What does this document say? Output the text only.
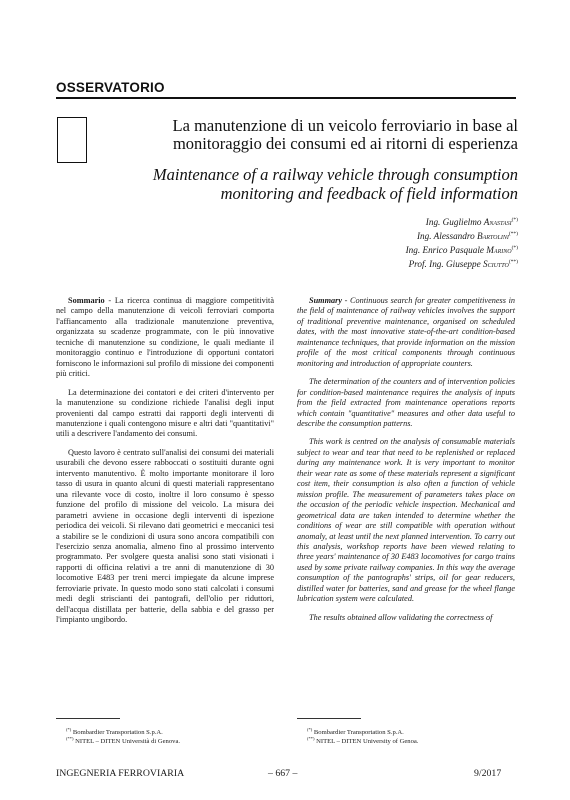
OSSERVATORIO
La manutenzione di un veicolo ferroviario in base al monitoraggio dei consumi ed ai ritorni di esperienza
Maintenance of a railway vehicle through consumption monitoring and feedback of field information
Ing. Guglielmo Anastasi(*)
Ing. Alessandro Bartolini(**)
Ing. Enrico Pasquale Marino(*)
Prof. Ing. Giuseppe Sciutto(**)

Sommario - La ricerca continua di maggiore competitività nel campo della manutenzione di veicoli ferroviari comporta l'affiancamento alla tradizionale manutenzione preventiva, organizzata su scadenze programmate, con le più innovative tecniche di manutenzione su condizione, le quali mediante il monitoraggio continuo e l'introduzione di opportuni contatori forniscono le informazioni sul profilo di missione dei componenti più critici.

La determinazione dei contatori e dei criteri d'intervento per la manutenzione su condizione richiede l'analisi degli input provenienti dal campo estratti dai rapporti degli interventi di manutenzione i quali contengono misure e altri dati "quantitativi" utili a descrivere l'andamento dei consumi.

Questo lavoro è centrato sull'analisi dei consumi dei materiali usurabili che devono essere rabboccati o sostituiti durante ogni intervento manutentivo. È molto importante monitorare il loro tasso di usura in quanto alcuni di questi materiali rappresentano una rilevante voce di costo, inoltre il loro consumo è spesso funzione del profilo di missione del veicolo. La misura dei parametri avviene in occasione degli interventi di ispezione periodica dei veicoli. Si rilevano dati geometrici e meccanici tesi a stabilire se le condizioni di usura sono ancora compatibili con l'esercizio senza anomalia, almeno fino al prossimo intervento programmato. Per svolgere questa analisi sono stati visionati i rapporti di officina relativi a tre anni di manutenzione di 30 locomotive E483 per treni merci impiegate da alcune imprese ferroviarie private. In questo modo sono stati calcolati i consumi medi degli striscianti dei pantografi, dell'olio per riduttori, dell'acqua distillata per batterie, della sabbia e del grasso per l'impianto ungibordo.

Summary - Continuous search for greater competitiveness in the field of maintenance of railway vehicles involves the support of traditional preventive maintenance, organised on scheduled dates, with the most innovative state-of-the-art condition-based maintenance techniques, that provide information on the mission profile of the most critical components through continuous monitoring and introduction of appropriate counters.

The determination of the counters and of intervention policies for condition-based maintenance requires the analysis of inputs from the field extracted from maintenance operations reports which contain "quantitative" measures and other data useful to describe the consumption patterns.

This work is centred on the analysis of consumable materials subject to wear and tear that need to be replenished or replaced during any maintenance work. It is very important to monitor their wear rate as some of these materials represent a significant cost item, their consumption is also often a function of vehicle mission profile. The measurement of parameters takes place on the occasion of the periodic vehicle inspection. Mechanical and geometrical data are taken intended to determine whether the conditions of wear are still compatible with operation without anomaly, at least until the next planned intervention. To carry out this analysis, workshop reports have been viewed relating to three years' maintenance of 30 E483 locomotives for cargo trains used by some private railway companies. In this way the average consumption of the pantographs' strips, oil for gear reducers, distilled water for batteries, sand and grease for the wheel flange lubrication system were calculated.

The results obtained allow validating the correctness of

(*) Bombardier Transportation S.p.A.
(**) NITEL – DITEN Università di Genova.
(*) Bombardier Transportation S.p.A.
(**) NITEL – DITEN University of Genoa.
INGEGNERIA FERROVIARIA	– 667 –	9/2017
